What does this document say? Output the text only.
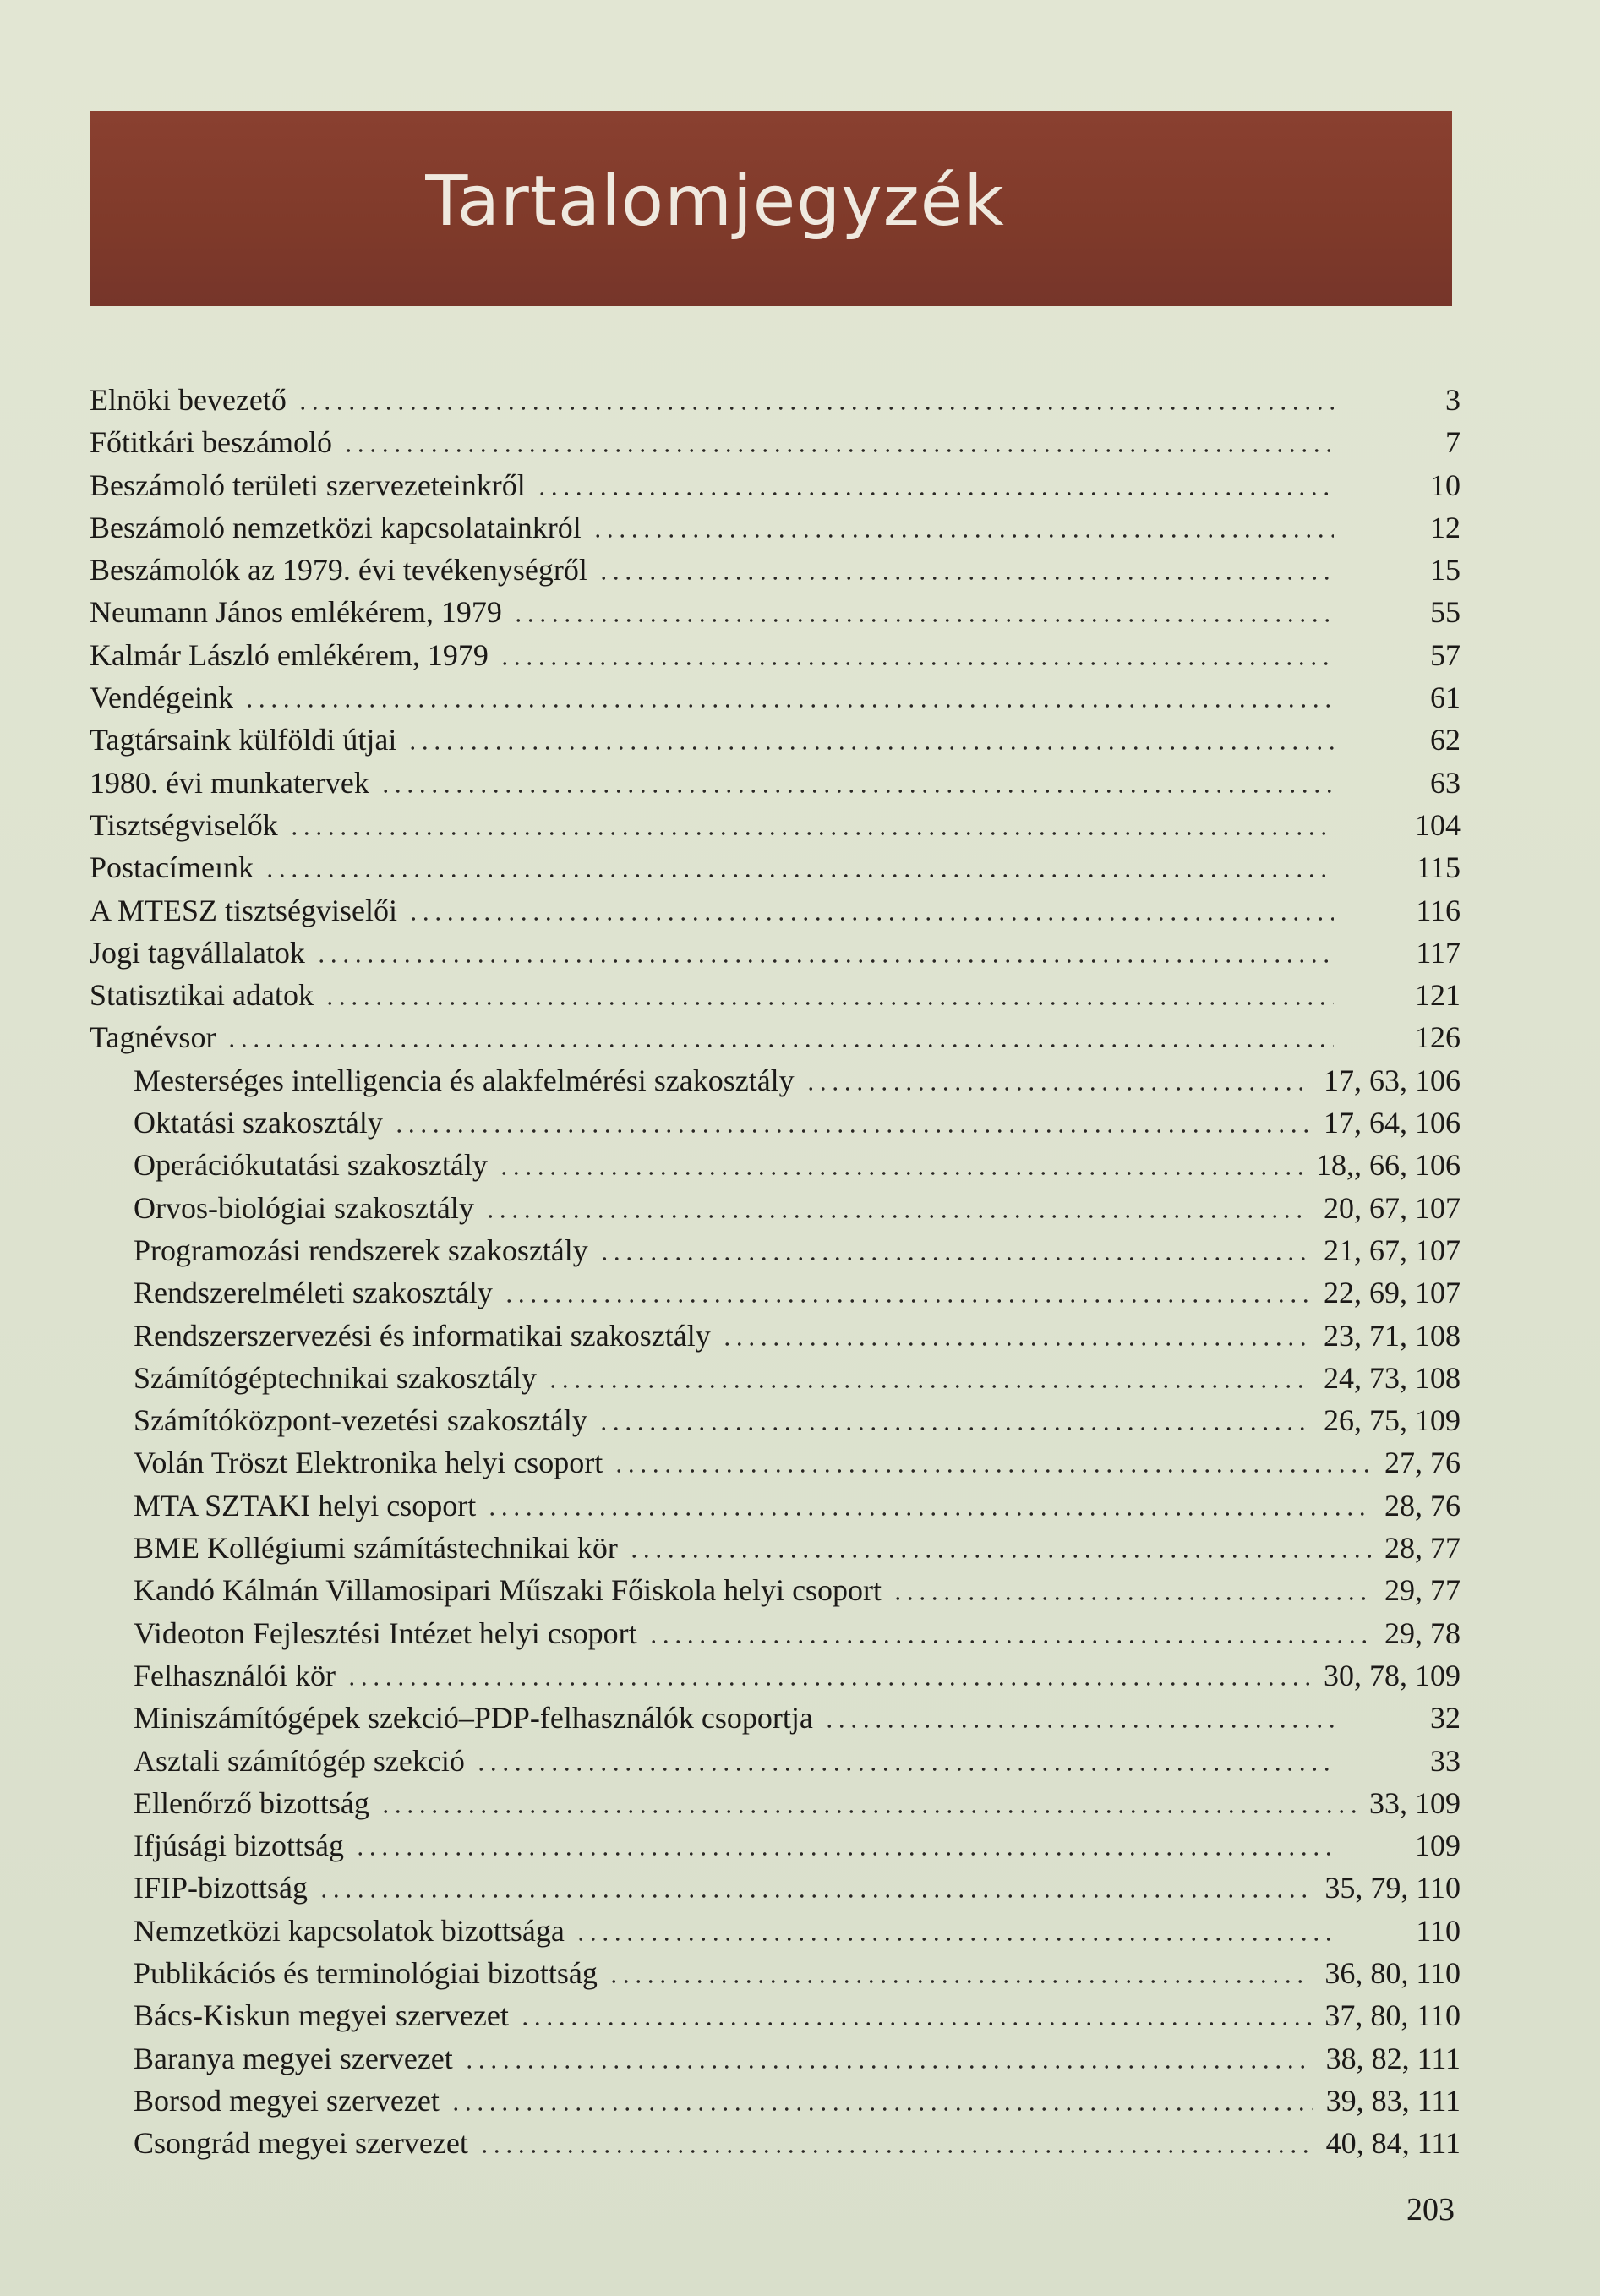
Tartalomjegyzék
Elnöki bevezető	3
Főtitkári beszámoló	7
Beszámoló területi szervezeteinkről	10
Beszámoló nemzetközi kapcsolatainkról	12
Beszámolók az 1979. évi tevékenységről	15
Neumann János emlékérem, 1979	55
Kalmár László emlékérem, 1979	57
Vendégeink	61
Tagtársaink külföldi útjai	62
1980. évi munkatervek	63
Tisztségviselők	104
Postacímeınk	115
A MTESZ tisztségviselői	116
Jogi tagvállalatok	117
Statisztikai adatok	121
Tagnévsor	126
Mesterséges intelligencia és alakfelmérési szakosztály	17, 63, 106
Oktatási szakosztály	17, 64, 106
Operációkutatási szakosztály	18,, 66, 106
Orvos-biológiai szakosztály	20, 67, 107
Programozási rendszerek szakosztály	21, 67, 107
Rendszerelméleti szakosztály	22, 69, 107
Rendszerszervezési és informatikai szakosztály	23, 71, 108
Számítógéptechnikai szakosztály	24, 73, 108
Számítóközpont-vezetési szakosztály	26, 75, 109
Volán Tröszt Elektronika helyi csoport	27, 76
MTA SZTAKI helyi csoport	28, 76
BME Kollégiumi számítástechnikai kör	28, 77
Kandó Kálmán Villamosipari Műszaki Főiskola helyi csoport	29, 77
Videoton Fejlesztési Intézet helyi csoport	29, 78
Felhasználói kör	30, 78, 109
Miniszámítógépek szekció–PDP-felhasználók csoportja	32
Asztali számítógép szekció	33
Ellenőrző bizottság	33, 109
Ifjúsági bizottság	109
IFIP-bizottság	35, 79, 110
Nemzetközi kapcsolatok bizottsága	110
Publikációs és terminológiai bizottság	36, 80, 110
Bács-Kiskun megyei szervezet	37, 80, 110
Baranya megyei szervezet	38, 82, 111
Borsod megyei szervezet	39, 83, 111
Csongrád megyei szervezet	40, 84, 111
203
